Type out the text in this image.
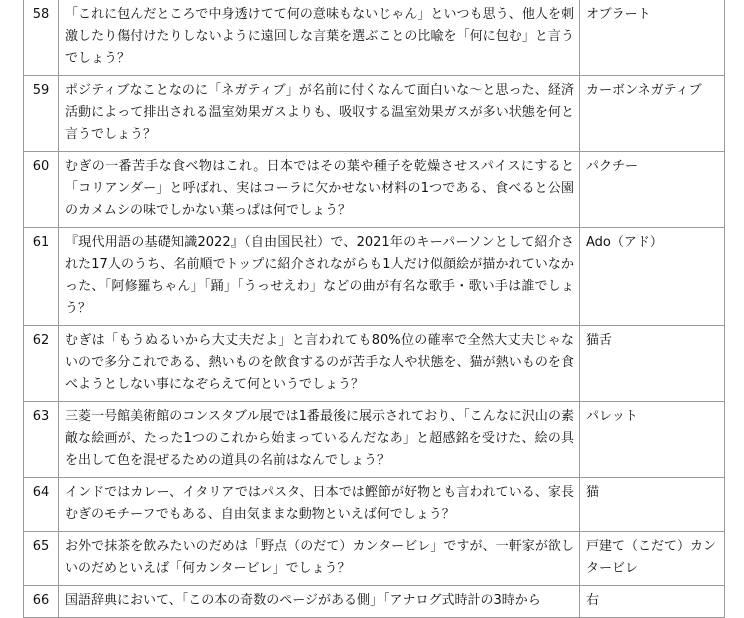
58	「これに包んだところで中身透けてて何の意味もないじゃん」といつも思う、他人を刺激したり傷付けたりしないように遠回しな言葉を選ぶことの比喩を「何に包む」と言うでしょう？	オブラート
59	ポジティブなことなのに「ネガティブ」が名前に付くなんて面白いな〜と思った、経済活動によって排出される温室効果ガスよりも、吸収する温室効果ガスが多い状態を何と言うでしょう？	カーボンネガティブ
60	むぎの一番苦手な食べ物はこれ。日本ではその葉や種子を乾燥させスパイスにすると「コリアンダー」と呼ばれ、実はコーラに欠かせない材料の1つである、食べると公園のカメムシの味でしかない葉っぱは何でしょう？	パクチー
61	『現代用語の基礎知識2022』（自由国民社）で、2021年のキーパーソンとして紹介された17人のうち、名前順でトップに紹介されながらも1人だけ似顔絵が描かれていなかった、「阿修羅ちゃん」「踊」「うっせえわ」などの曲が有名な歌手・歌い手は誰でしょう？	Ado（アド）
62	むぎは「もうぬるいから大丈夫だよ」と言われても80%位の確率で全然大丈夫じゃないので多分これである、熱いものを飲食するのが苦手な人や状態を、猫が熱いものを食べようとしない事になぞらえて何というでしょう？	猫舌
63	三菱一号館美術館のコンスタブル展では1番最後に展示されており、「こんなに沢山の素敵な絵画が、たった1つのこれから始まっているんだなあ」と超感銘を受けた、絵の具を出して色を混ぜるための道具の名前はなんでしょう？	パレット
64	インドではカレー、イタリアではパスタ、日本では鰹節が好物とも言われている、家長むぎのモチーフでもある、自由気ままな動物といえば何でしょう？	猫
65	お外で抹茶を飲みたいのだめは「野点（のだて）カンタービレ」ですが、一軒家が欲しいのだめといえば「何カンタービレ」でしょう？	戸建て（こだて）カンタービレ
66	国語辞典において、「この本の奇数のページがある側」「アナログ式時計の3時から	右
